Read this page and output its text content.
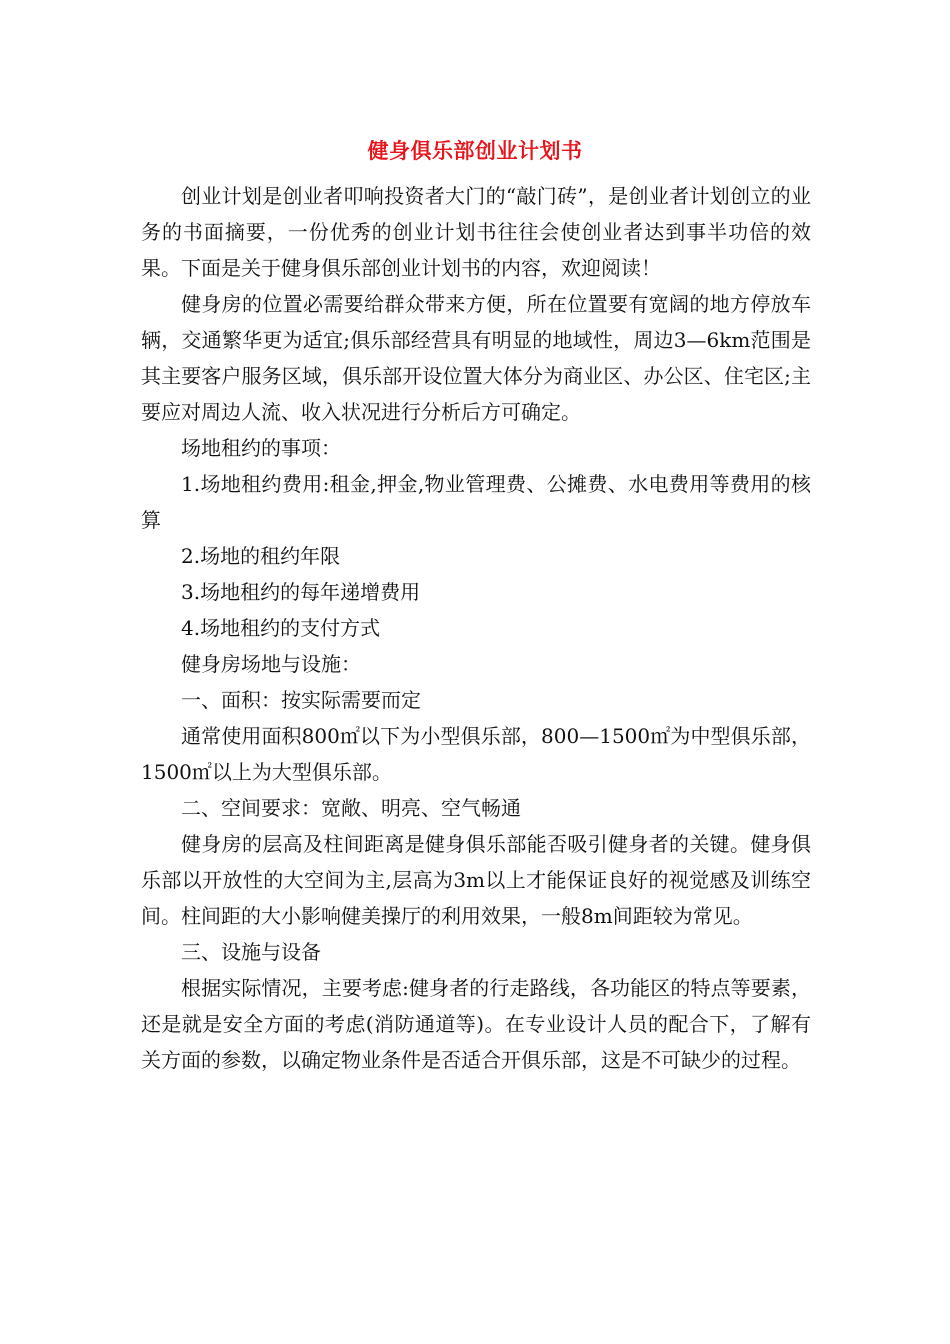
健身俱乐部创业计划书

创业计划是创业者叩响投资者大门的“敲门砖”，是创业者计划创立的业务的书面摘要，一份优秀的创业计划书往往会使创业者达到事半功倍的效果。下面是关于健身俱乐部创业计划书的内容，欢迎阅读！

健身房的位置必需要给群众带来方便，所在位置要有宽阔的地方停放车辆，交通繁华更为适宜;俱乐部经营具有明显的地域性，周边3—6km范围是其主要客户服务区域，俱乐部开设位置大体分为商业区、办公区、住宅区;主要应对周边人流、收入状况进行分析后方可确定。

场地租约的事项：

1.场地租约费用:租金,押金,物业管理费、公摊费、水电费用等费用的核算

2.场地的租约年限

3.场地租约的每年递增费用

4.场地租约的支付方式

健身房场地与设施：

一、面积：按实际需要而定

通常使用面积800㎡以下为小型俱乐部，800—1500㎡为中型俱乐部，1500㎡以上为大型俱乐部。

二、空间要求：宽敞、明亮、空气畅通

健身房的层高及柱间距离是健身俱乐部能否吸引健身者的关键。健身俱乐部以开放性的大空间为主,层高为3m以上才能保证良好的视觉感及训练空间。柱间距的大小影响健美操厅的利用效果，一般8m间距较为常见。

三、设施与设备

根据实际情况，主要考虑:健身者的行走路线，各功能区的特点等要素，还是就是安全方面的考虑(消防通道等)。在专业设计人员的配合下，了解有关方面的参数，以确定物业条件是否适合开俱乐部，这是不可缺少的过程。
